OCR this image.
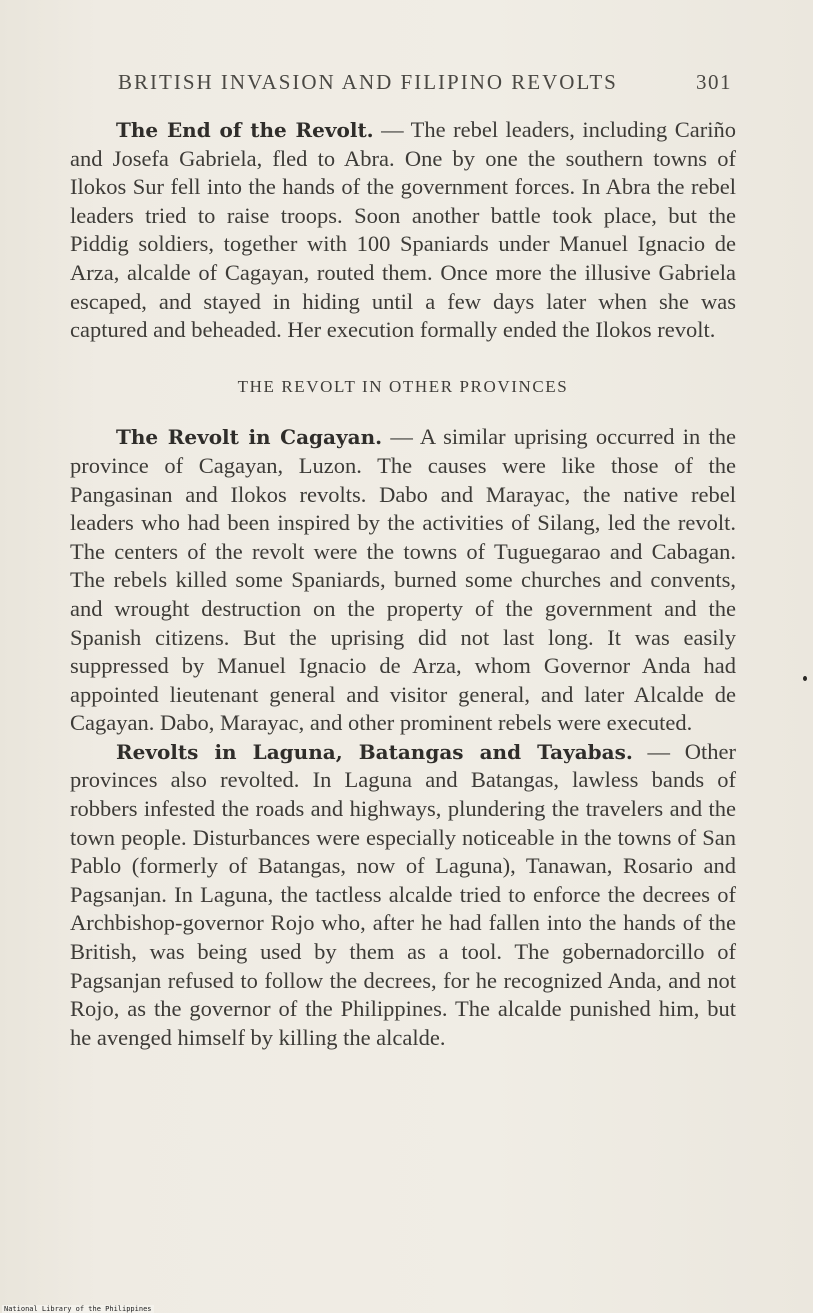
BRITISH INVASION AND FILIPINO REVOLTS	301

The End of the Revolt. — The rebel leaders, including Cariño and Josefa Gabriela, fled to Abra. One by one the southern towns of Ilokos Sur fell into the hands of the government forces. In Abra the rebel leaders tried to raise troops. Soon another battle took place, but the Piddig soldiers, together with 100 Spaniards under Manuel Ignacio de Arza, alcalde of Cagayan, routed them. Once more the illusive Gabriela escaped, and stayed in hiding until a few days later when she was captured and beheaded. Her execution formally ended the Ilokos revolt.

THE REVOLT IN OTHER PROVINCES

The Revolt in Cagayan. — A similar uprising occurred in the province of Cagayan, Luzon. The causes were like those of the Pangasinan and Ilokos revolts. Dabo and Marayac, the native rebel leaders who had been inspired by the activities of Silang, led the revolt. The centers of the revolt were the towns of Tuguegarao and Cabagan. The rebels killed some Spaniards, burned some churches and convents, and wrought destruction on the property of the government and the Spanish citizens. But the uprising did not last long. It was easily suppressed by Manuel Ignacio de Arza, whom Governor Anda had appointed lieutenant general and visitor general, and later Alcalde de Cagayan. Dabo, Marayac, and other prominent rebels were executed.

Revolts in Laguna, Batangas and Tayabas. — Other provinces also revolted. In Laguna and Batangas, lawless bands of robbers infested the roads and highways, plundering the travelers and the town people. Disturbances were especially noticeable in the towns of San Pablo (formerly of Batangas, now of Laguna), Tanawan, Rosario and Pagsanjan. In Laguna, the tactless alcalde tried to enforce the decrees of Archbishop-governor Rojo who, after he had fallen into the hands of the British, was being used by them as a tool. The gobernadorcillo of Pagsanjan refused to follow the decrees, for he recognized Anda, and not Rojo, as the governor of the Philippines. The alcalde punished him, but he avenged himself by killing the alcalde.

National Library of the Philippines
